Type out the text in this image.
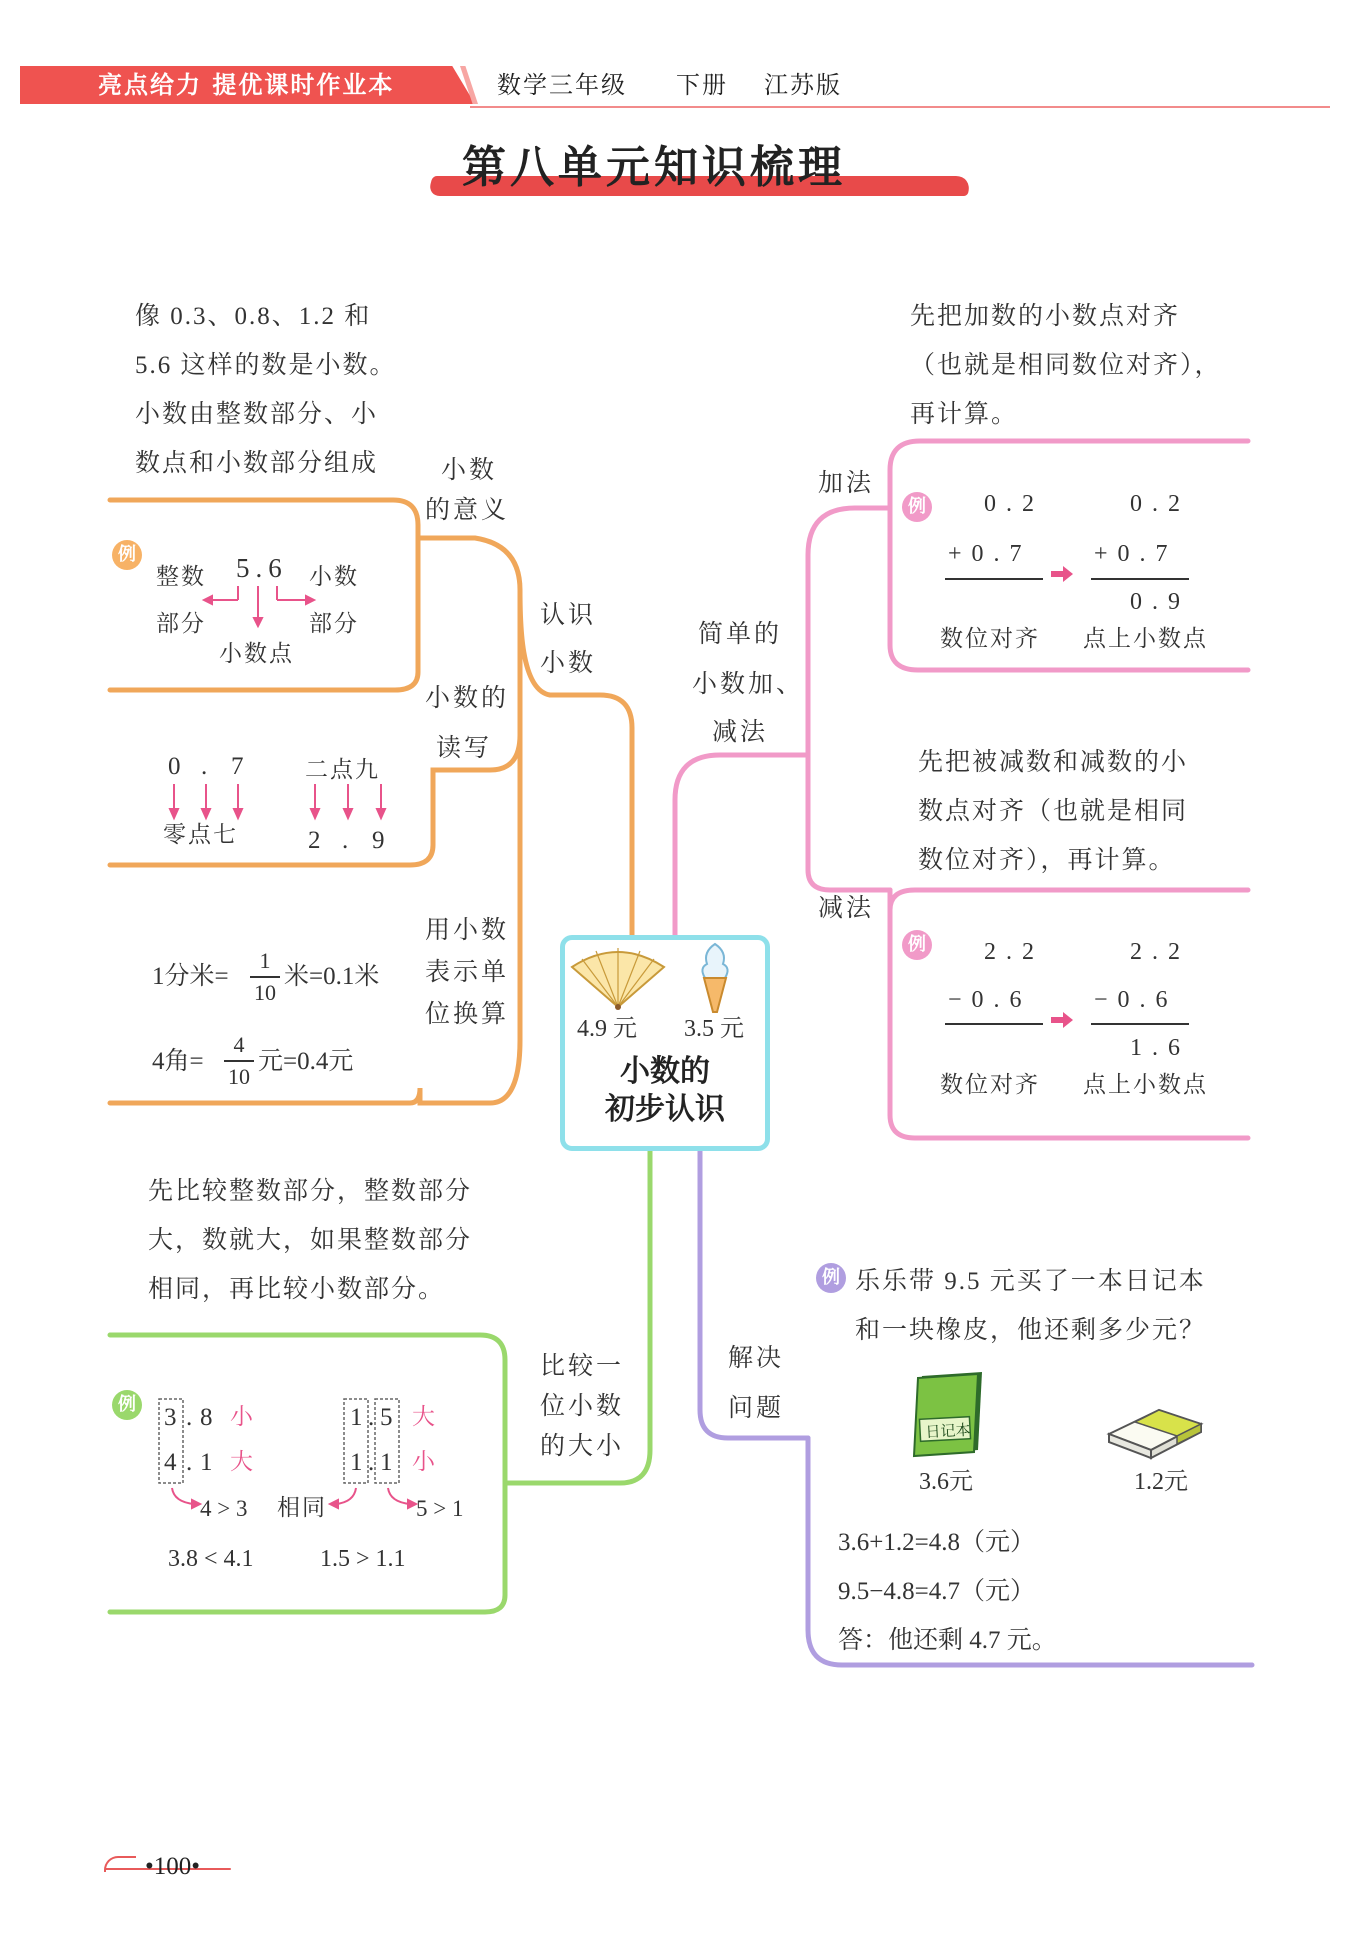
亮点给力 提优课时作业本	数学三年级 下册 江苏版
第八单元知识梳理
4.9 元 3.5 元
小数的
初步认识
认识
小数
小数
的意义
小数的
读写
用小数
表示单
位换算
比较一
位小数
的大小
简单的
小数加、
减法
加法
减法
解决
问题
像 0.3、0.8、1.2 和
5.6 这样的数是小数。
小数由整数部分、小
数点和小数部分组成
例	5.6
整数
部分
小数
部分
小数点
0 . 7
零点七
二点九
2 . 9
1分米=
1
10
米=0.1米
4角=
4
10
元=0.4元
先比较整数部分，整数部分
大，数就大，如果整数部分
相同，再比较小数部分。
例 3 . 8 小
4 . 1 大
1 . 5 大
1 . 1 小
4 > 3 相同	5 > 1
3.8 < 4.1	1.5 > 1.1
先把加数的小数点对齐
（也就是相同数位对齐），
再计算。
例 0 . 2
+ 0 . 7
0 . 2
+ 0 . 7
0 . 9
数位对齐 点上小数点
先把被减数和减数的小
数点对齐（也就是相同
数位对齐），再计算。
例 2 . 2
− 0 . 6
2 . 2
− 0 . 6
1 . 6
数位对齐 点上小数点
例 乐乐带 9.5 元买了一本日记本
和一块橡皮，他还剩多少元？
日记本
3.6元	1.2元
3.6+1.2=4.8（元）
9.5−4.8=4.7（元）
答：他还剩 4.7 元。
•100•
